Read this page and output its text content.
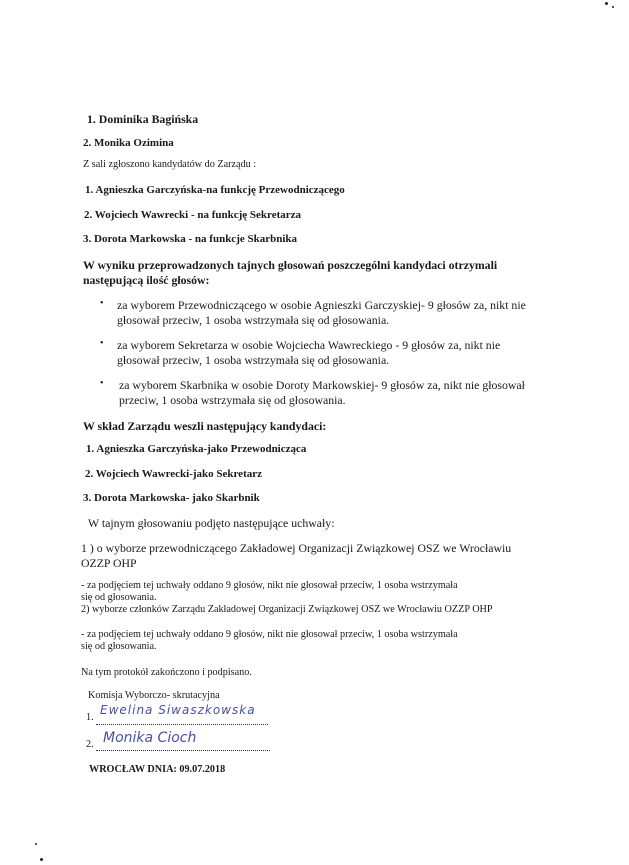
1. Dominika Bagińska
2. Monika Ozimina
Z sali zgłoszono kandydatów do Zarządu :
1. Agnieszka Garczyńska-na funkcję Przewodniczącego
2. Wojciech Wawrecki - na funkcję Sekretarza
3. Dorota Markowska - na funkcje Skarbnika
W wyniku przeprowadzonych tajnych głosowań poszczególni kandydaci otrzymali
następującą ilość głosów:
• za wyborem Przewodniczącego w osobie Agnieszki Garczyskiej- 9 głosów za, nikt nie
głosował przeciw, 1 osoba wstrzymała się od głosowania.
• za wyborem Sekretarza w osobie Wojciecha Wawreckiego - 9 głosów za, nikt nie
głosował przeciw, 1 osoba wstrzymała się od głosowania.
• za wyborem Skarbnika w osobie Doroty Markowskiej- 9 głosów za, nikt nie głosował
przeciw, 1 osoba wstrzymała się od głosowania.
W skład Zarządu weszli następujący kandydaci:
1. Agnieszka Garczyńska-jako Przewodnicząca
2. Wojciech Wawrecki-jako Sekretarz
3. Dorota Markowska- jako Skarbnik
W tajnym głosowaniu podjęto następujące uchwały:
1 ) o wyborze przewodniczącego Zakładowej Organizacji Związkowej OSZ we Wrocławiu
OZZP OHP
- za podjęciem tej uchwały oddano 9 głosów, nikt nie głosował przeciw, 1 osoba wstrzymała
się od głosowania.
2) wyborze członków Zarządu Zakładowej Organizacji Związkowej OSZ we Wrocławiu OZZP OHP
- za podjęciem tej uchwały oddano 9 głosów, nikt nie głosował przeciw, 1 osoba wstrzymała
się od głosowania.
Na tym protokół zakończono i podpisano.
Komisja Wyborczo- skrutacyjna
1.
Ewelina Siwaszkowska
2. Monika Cioch
WROCŁAW DNIA: 09.07.2018
